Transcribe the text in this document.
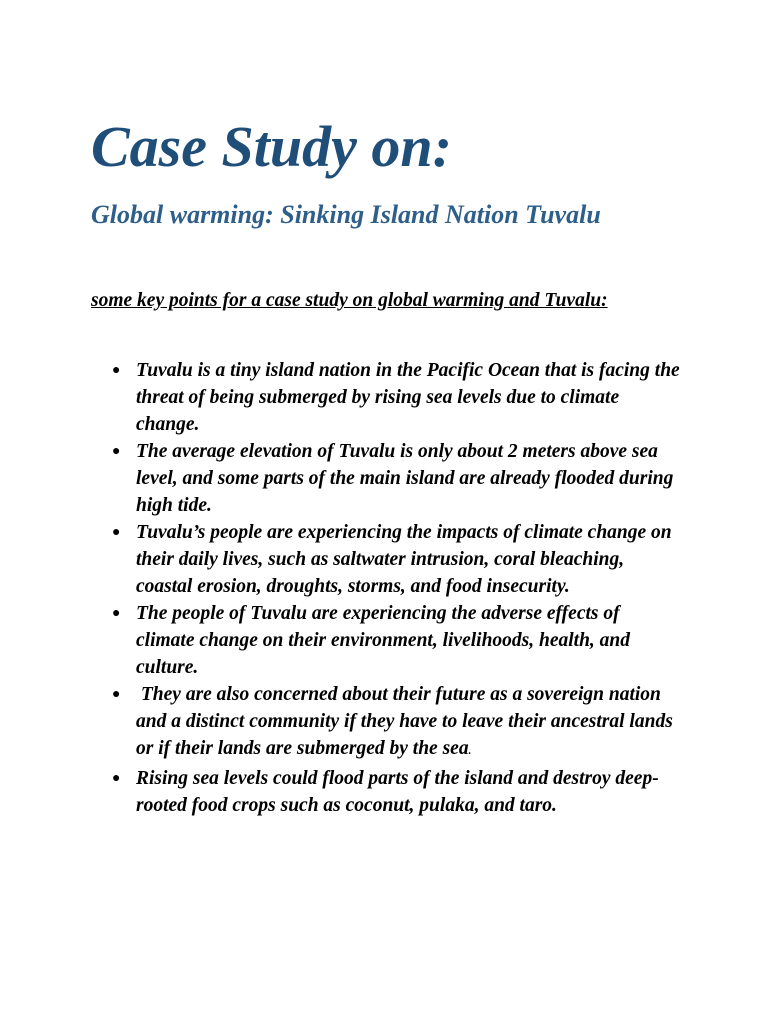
Case Study on:
Global warming: Sinking Island Nation Tuvalu

some key points for a case study on global warming and Tuvalu:

● Tuvalu is a tiny island nation in the Pacific Ocean that is facing the threat of being submerged by rising sea levels due to climate change.
● The average elevation of Tuvalu is only about 2 meters above sea level, and some parts of the main island are already flooded during high tide.
● Tuvalu’s people are experiencing the impacts of climate change on their daily lives, such as saltwater intrusion, coral bleaching, coastal erosion, droughts, storms, and food insecurity.
● The people of Tuvalu are experiencing the adverse effects of climate change on their environment, livelihoods, health, and culture.
● They are also concerned about their future as a sovereign nation and a distinct community if they have to leave their ancestral lands or if their lands are submerged by the sea.
● Rising sea levels could flood parts of the island and destroy deep-rooted food crops such as coconut, pulaka, and taro.
